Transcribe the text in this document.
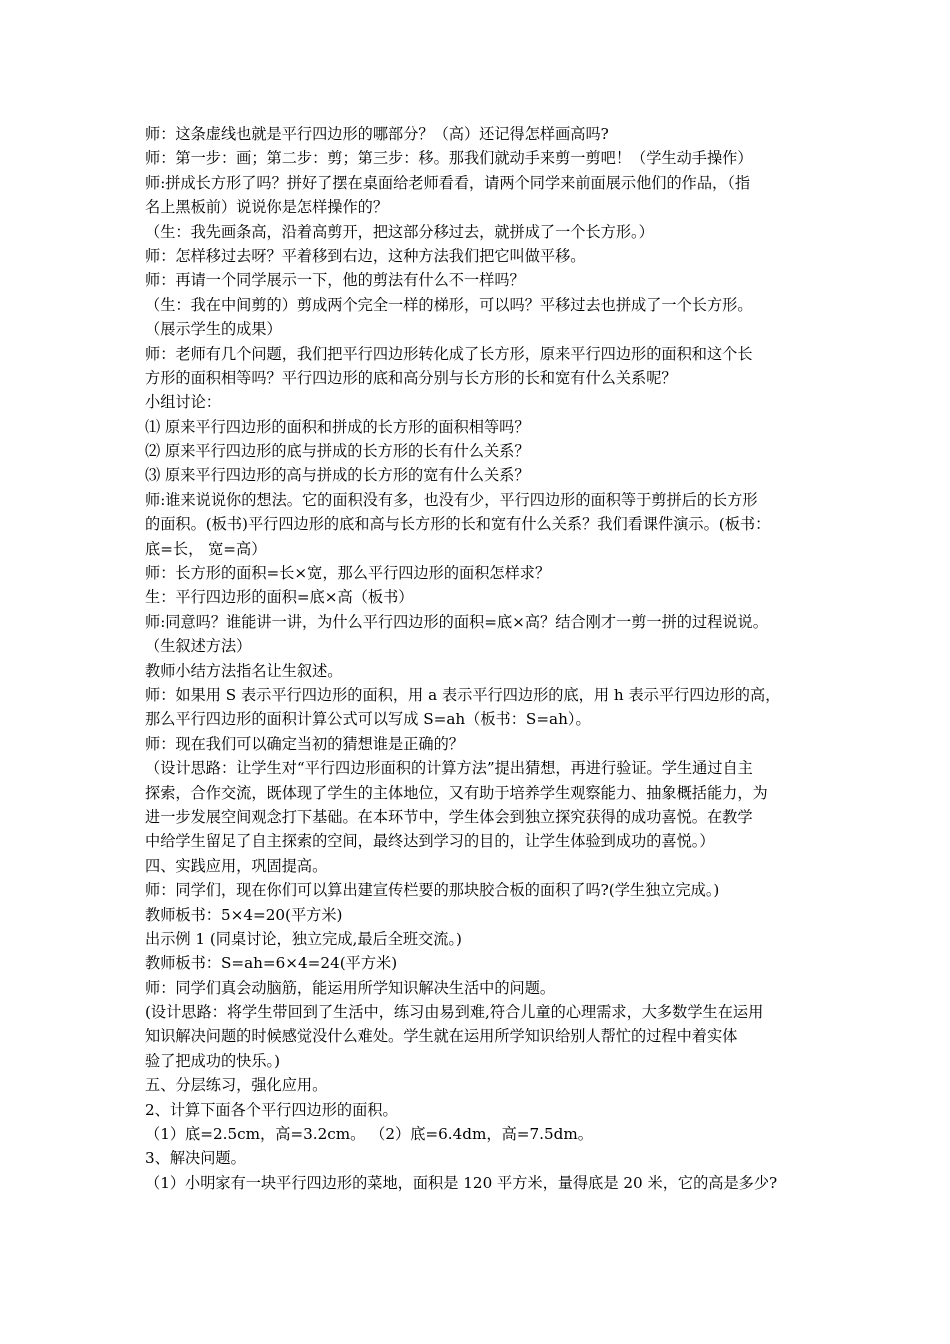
师：这条虚线也就是平行四边形的哪部分？（高）还记得怎样画高吗?
师：第一步：画；第二步：剪；第三步：移。那我们就动手来剪一剪吧！（学生动手操作）
师:拼成长方形了吗？拼好了摆在桌面给老师看看，请两个同学来前面展示他们的作品，（指
名上黑板前）说说你是怎样操作的？
（生：我先画条高，沿着高剪开，把这部分移过去，就拼成了一个长方形。）
师：怎样移过去呀？平着移到右边，这种方法我们把它叫做平移。
师：再请一个同学展示一下，他的剪法有什么不一样吗？
（生：我在中间剪的）剪成两个完全一样的梯形，可以吗？平移过去也拼成了一个长方形。
（展示学生的成果）
师：老师有几个问题，我们把平行四边形转化成了长方形，原来平行四边形的面积和这个长
方形的面积相等吗？平行四边形的底和高分别与长方形的长和宽有什么关系呢？
小组讨论：
⑴ 原来平行四边形的面积和拼成的长方形的面积相等吗？
⑵ 原来平行四边形的底与拼成的长方形的长有什么关系？
⑶ 原来平行四边形的高与拼成的长方形的宽有什么关系？
师:谁来说说你的想法。它的面积没有多，也没有少，平行四边形的面积等于剪拼后的长方形
的面积。(板书)平行四边形的底和高与长方形的长和宽有什么关系？我们看课件演示。(板书：
底=长， 宽=高）
师：长方形的面积=长×宽，那么平行四边形的面积怎样求？
生：平行四边形的面积=底×高（板书）
师:同意吗？谁能讲一讲，为什么平行四边形的面积=底×高？结合刚才一剪一拼的过程说说。
（生叙述方法）
教师小结方法指名让生叙述。
师：如果用 S 表示平行四边形的面积，用 a 表示平行四边形的底，用 h 表示平行四边形的高，
那么平行四边形的面积计算公式可以写成 S=ah（板书：S=ah）。
师：现在我们可以确定当初的猜想谁是正确的？
（设计思路：让学生对“平行四边形面积的计算方法”提出猜想，再进行验证。学生通过自主
探索，合作交流，既体现了学生的主体地位，又有助于培养学生观察能力、抽象概括能力，为
进一步发展空间观念打下基础。在本环节中，学生体会到独立探究获得的成功喜悦。在教学
中给学生留足了自主探索的空间，最终达到学习的目的，让学生体验到成功的喜悦。）
四、实践应用，巩固提高。
师：同学们，现在你们可以算出建宣传栏要的那块胶合板的面积了吗?(学生独立完成。)
教师板书：5×4=20(平方米)
出示例 1 (同桌讨论，独立完成,最后全班交流。)
教师板书：S=ah=6×4=24(平方米)
师：同学们真会动脑筋，能运用所学知识解决生活中的问题。
(设计思路：将学生带回到了生活中，练习由易到难,符合儿童的心理需求，大多数学生在运用
知识解决问题的时候感觉没什么难处。学生就在运用所学知识给别人帮忙的过程中着实体
验了把成功的快乐。)
五、分层练习，强化应用。
2、计算下面各个平行四边形的面积。
（1）底=2.5cm，高=3.2cm。 （2）底=6.4dm，高=7.5dm。
3、解决问题。
（1）小明家有一块平行四边形的菜地，面积是 120 平方米，量得底是 20 米，它的高是多少?
